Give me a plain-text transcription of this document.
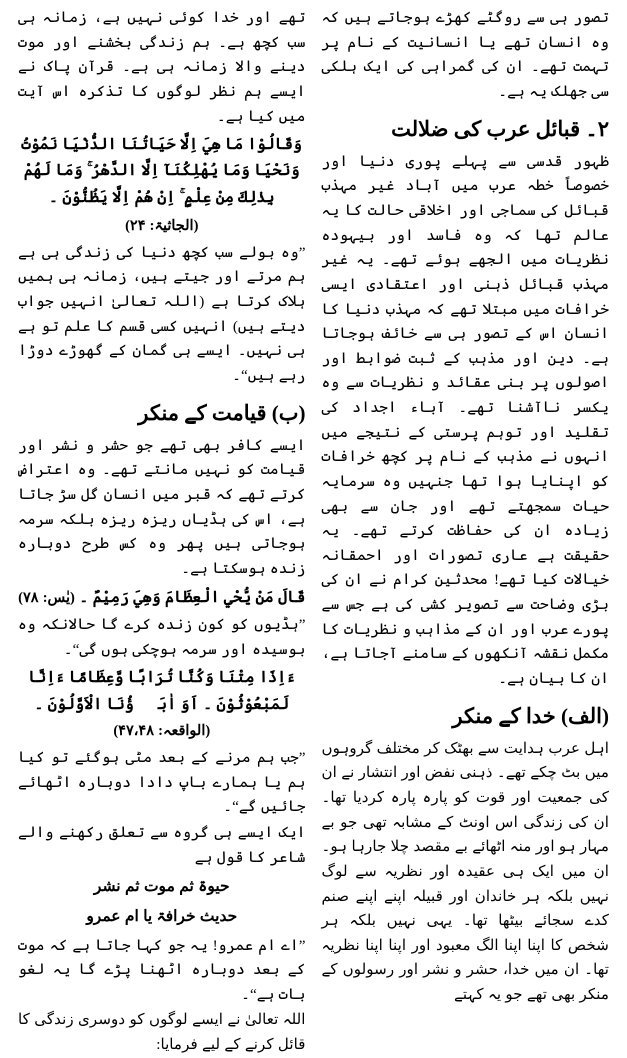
تصور ہی سے روگٹے کھڑے ہوجاتے ہیں کہ وہ انسان تھے یا انسانیت کے نام پر تہمت تھے۔ ان کی گمراہی کی ایک ہلکی سی جھلک یہ ہے۔

۲۔ قبائل عرب کی ضلالت

ظہور قدسی سے پہلے پوری دنیا اور خصوصاً خطہ عرب میں آباد غیر مہذب قبائل کی سماجی اور اخلاقی حالت کا یہ عالم تھا کہ وہ فاسد اور بیہودہ نظریات میں الجھے ہوئے تھے۔ یہ غیر مہذب قبائل ذہنی اور اعتقادی ایسی خرافات میں مبتلا تھے کہ مہذب دنیا کا انسان اس کے تصور ہی سے خائف ہوجاتا ہے۔ دین اور مذہب کے ثبت ضوابط اور اصولوں پر بنی عقائد و نظریات سے وہ یکسر ناآشنا تھے۔ آباء اجداد کی تقلید اور توہم پرستی کے نتیجے میں انہوں نے مذہب کے نام پر کچھ خرافات کو اپنایا ہوا تھا جنہیں وہ سرمایہ حیات سمجھتے تھے اور جان سے بھی زیادہ ان کی حفاظت کرتے تھے۔ یہ حقیقت ہے عاری تصورات اور احمقانہ خیالات کیا تھے! محدثین کرام نے ان کی بڑی وضاحت سے تصویر کشی کی ہے جس سے پورے عرب اور ان کے مذاہب و نظریات کا مکمل نقشہ آنکھوں کے سامنے آجاتا ہے، ان کا بیان ہے۔

(الف) خدا کے منکر

اہل عرب ہدایت سے بھٹک کر مختلف گروہوں میں بٹ چکے تھے۔ ذہنی نفض اور انتشار نے ان کی جمعیت اور قوت کو پارہ پارہ کردیا تھا۔ ان کی زندگی اس اونٹ کے مشابہ تھی جو بے مہار ہو اور منہ اٹھائے بے مقصد چلا جارہا ہو۔ ان میں ایک ہی عقیدہ اور نظریہ سے لوگ نہیں بلکہ ہر خاندان اور قبیلہ اپنے اپنے صنم کدے سجائے بیٹھا تھا۔ یہی نہیں بلکہ ہر شخص کا اپنا اپنا الگ معبود اور اپنا اپنا نظریہ تھا۔ ان میں خدا، حشر و نشر اور رسولوں کے منکر بھی تھے جو یہ کہتے

تھے اور خدا کوئی نہیں ہے، زمانہ ہی سب کچھ ہے۔ ہم زندگی بخشنے اور موت دینے والا زمانہ ہی ہے۔ قرآن پاک نے ایسے ہم نظر لوگوں کا تذکرہ اس آیت میں کیا ہے۔

وَقَالُوْا مَا هِيَ اِلَّا حَيَاتُنَا الدُّنْيَا نَمُوْتُ وَنَحْيَا وَمَا يُهْلِكُنَآ اِلَّا الدَّهْرُ ۚ وَمَا لَهُمْ بِذٰلِكَ مِنْ عِلْمٍ ۚ اِنْ هُمْ اِلَّا يَظُنُّوْنَ ۔

(الجاثیۃ: ۲۴)

”وہ بولے سب کچھ دنیا کی زندگی ہی ہے ہم مرتے اور جیتے ہیں، زمانہ ہی ہمیں ہلاک کرتا ہے (اللہ تعالیٰ انہیں جواب دیتے ہیں) انہیں کسی قسم کا علم تو ہے ہی نہیں۔ ایسے ہی گمان کے گھوڑے دوڑا رہے ہیں“۔

(ب) قیامت کے منکر

ایسے کافر بھی تھے جو حشر و نشر اور قیامت کو نہیں مانتے تھے۔ وہ اعتراض کرتے تھے کہ قبر میں انسان گل سڑ جاتا ہے، اس کی ہڈیاں ریزہ ریزہ بلکہ سرمہ ہوجاتی ہیں پھر وہ کس طرح دوبارہ زندہ ہوسکتا ہے۔

قَالَ مَنْ يُّحْيِ الْعِظَامَ وَهِيَ رَمِيْمٌ ۔ (یٰس: ۷۸)

”ہڈیوں کو کون زندہ کرے گا حالانکہ وہ بوسیدہ اور سرمہ ہوچکی ہوں گی“۔

ءَاِذَا مِتْنَا وَكُنَّا تُرَابًا وَّعِظَامًا ءَاِنَّا لَمَبْعُوْثُوْنَ ۔ اَوَ اٰبَاۗؤُنَا الْاَوَّلُوْنَ ۔ (الواقعہ: ۴۷،۴۸)

”جب ہم مرنے کے بعد مٹی ہوگئے تو کیا ہم یا ہمارے باپ دادا دوبارہ اٹھائے جائیں گے“۔

ایک ایسے ہی گروہ سے تعلق رکھنے والے شاعر کا قول ہے

حیوۃ ثم موت ثم نشر

حدیث خرافۃ یا ام عمرو

”اے ام عمرو! یہ جو کہا جاتا ہے کہ موت کے بعد دوبارہ اٹھنا پڑے گا یہ لغو بات ہے“۔

اللہ تعالیٰ نے ایسے لوگوں کو دوسری زندگی کا قائل کرنے کے لیے فرمایا:
